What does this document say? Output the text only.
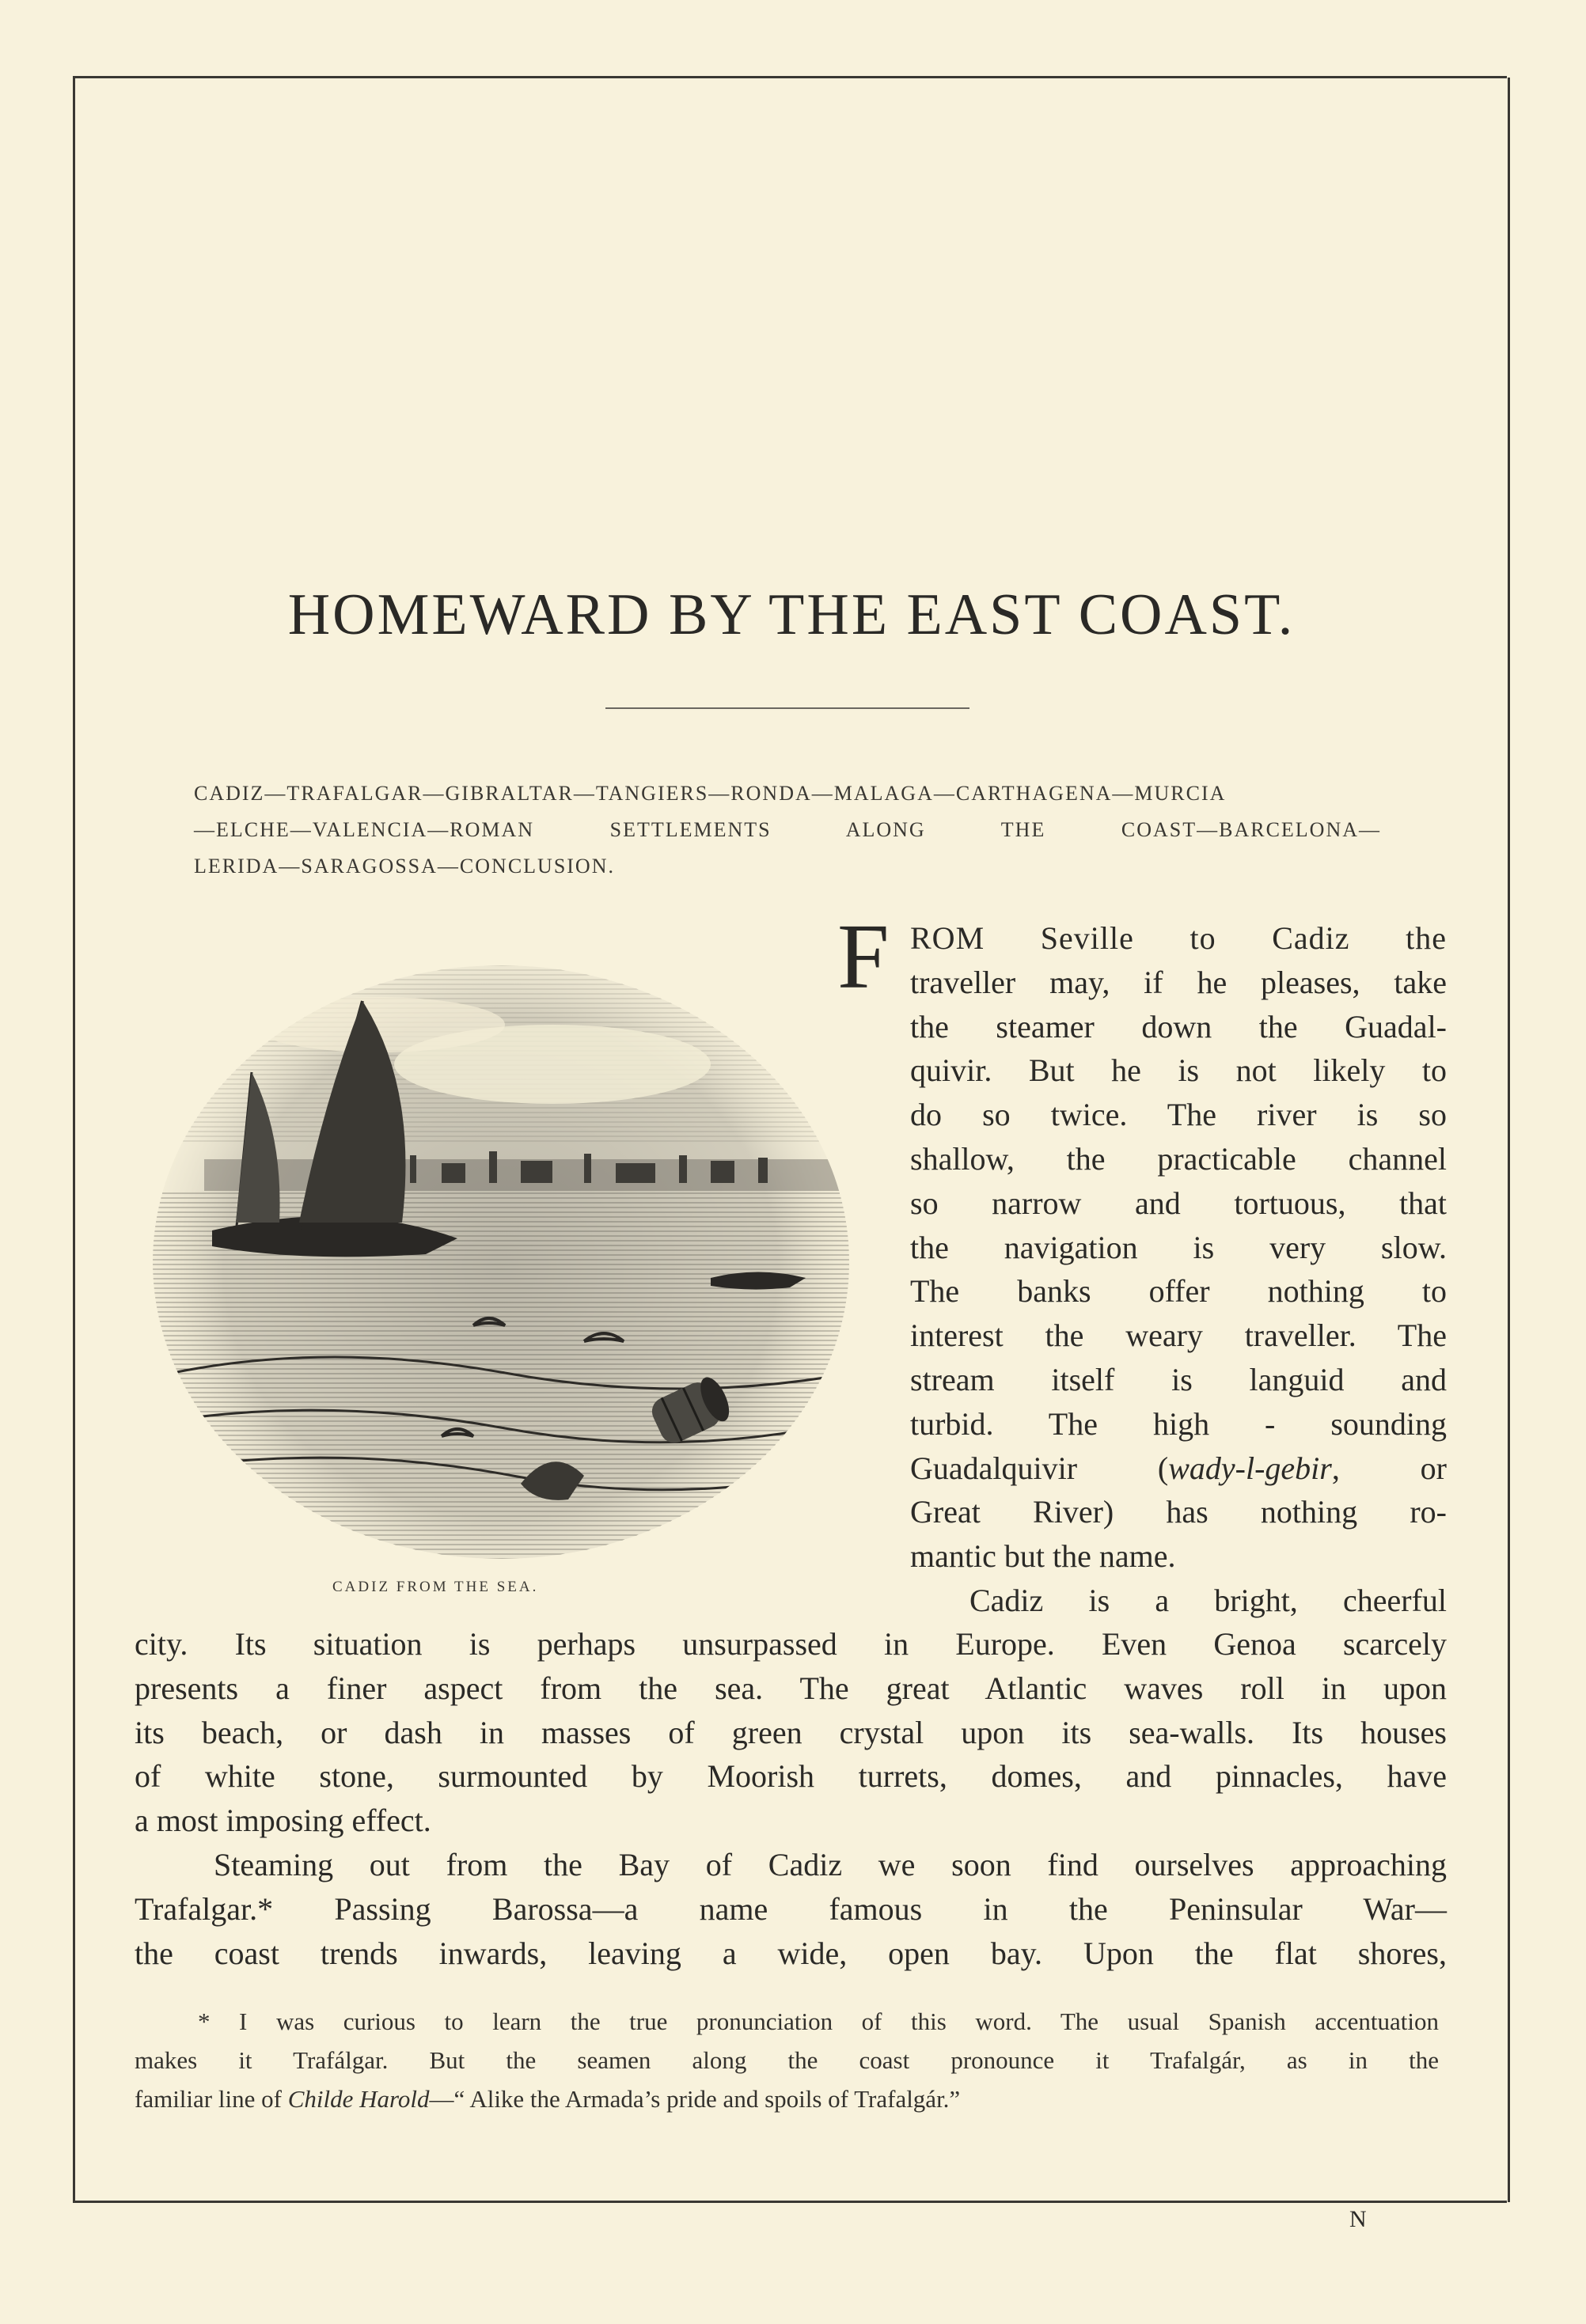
HOMEWARD BY THE EAST COAST.
CADIZ—TRAFALGAR—GIBRALTAR—TANGIERS—RONDA—MALAGA—CARTHAGENA—MURCIA
—ELCHE—VALENCIA—ROMAN SETTLEMENTS ALONG THE COAST—BARCELONA—
LERIDA—SARAGOSSA—CONCLUSION.
CADIZ FROM THE SEA.
F ROM Seville to Cadiz the
traveller may, if he pleases, take
the steamer down the Guadal-
quivir. But he is not likely to
do so twice. The river is so
shallow, the practicable channel
so narrow and tortuous, that
the navigation is very slow.
The banks offer nothing to
interest the weary traveller. The
stream itself is languid and
turbid. The high - sounding
Guadalquivir (wady-l-gebir, or
Great River) has nothing ro-
mantic but the name.
Cadiz is a bright, cheerful
city. Its situation is perhaps unsurpassed in Europe. Even Genoa scarcely
presents a finer aspect from the sea. The great Atlantic waves roll in upon
its beach, or dash in masses of green crystal upon its sea-walls. Its houses
of white stone, surmounted by Moorish turrets, domes, and pinnacles, have
a most imposing effect.
Steaming out from the Bay of Cadiz we soon find ourselves approaching
Trafalgar.* Passing Barossa—a name famous in the Peninsular War—
the coast trends inwards, leaving a wide, open bay. Upon the flat shores,
* I was curious to learn the true pronunciation of this word. The usual Spanish accentuation
makes it Trafálgar. But the seamen along the coast pronounce it Trafalgár, as in the
familiar line of Childe Harold—“ Alike the Armada’s pride and spoils of Trafalgár.”
N
